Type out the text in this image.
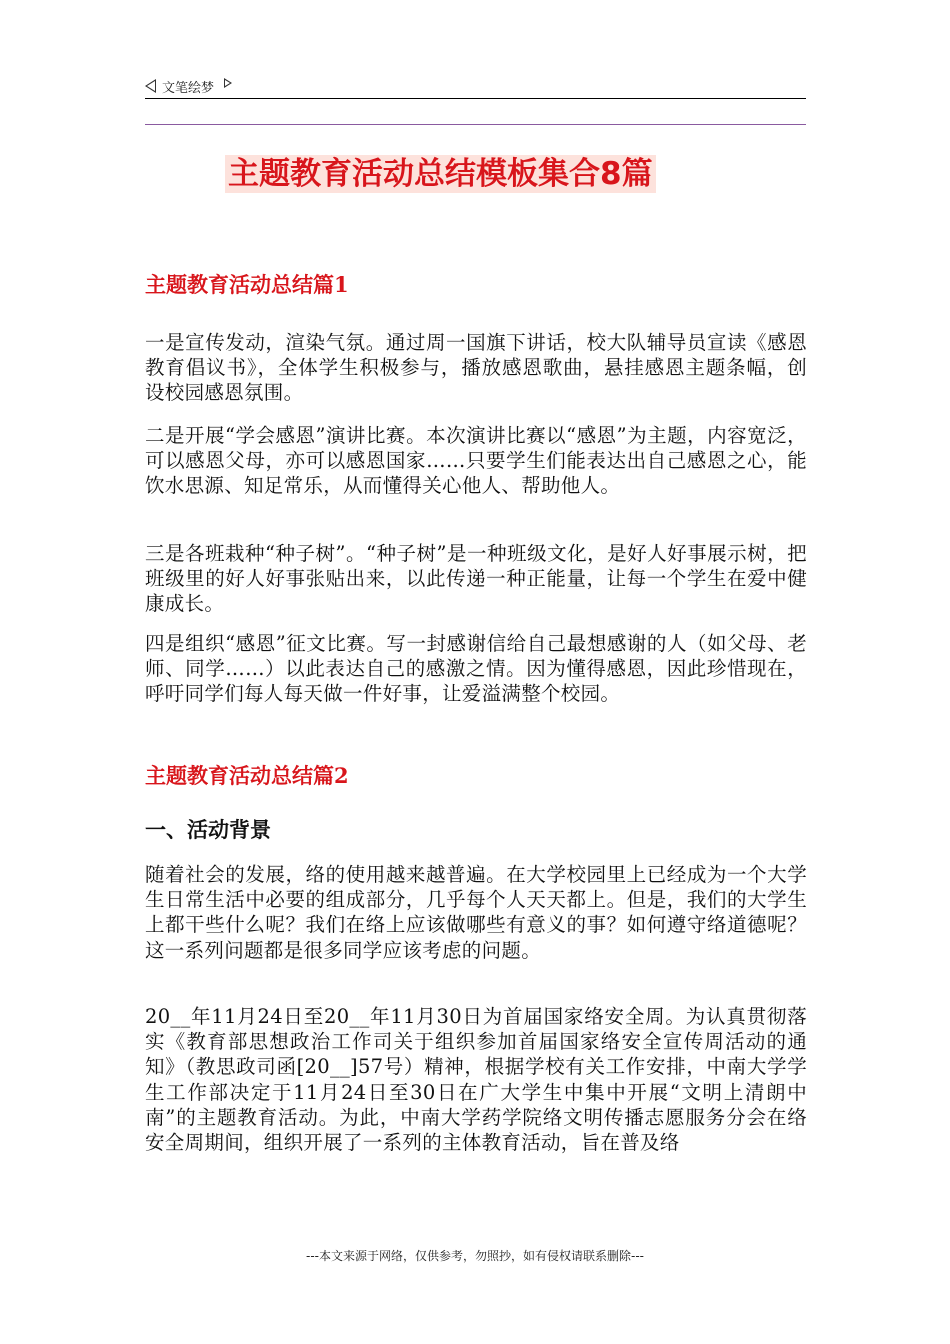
文笔绘梦
主题教育活动总结模板集合8篇
主题教育活动总结篇1

一是宣传发动，渲染气氛。通过周一国旗下讲话，校大队辅导员宣读《感恩教育倡议书》，全体学生积极参与，播放感恩歌曲，悬挂感恩主题条幅，创设校园感恩氛围。

二是开展“学会感恩”演讲比赛。本次演讲比赛以“感恩”为主题，内容宽泛，可以感恩父母，亦可以感恩国家……只要学生们能表达出自己感恩之心，能饮水思源、知足常乐，从而懂得关心他人、帮助他人。

三是各班栽种“种子树”。“种子树”是一种班级文化，是好人好事展示树，把班级里的好人好事张贴出来，以此传递一种正能量，让每一个学生在爱中健康成长。

四是组织“感恩”征文比赛。写一封感谢信给自己最想感谢的人（如父母、老师、同学……）以此表达自己的感激之情。因为懂得感恩，因此珍惜现在，呼吁同学们每人每天做一件好事，让爱溢满整个校园。

主题教育活动总结篇2
一、活动背景

随着社会的发展，络的使用越来越普遍。在大学校园里上已经成为一个大学生日常生活中必要的组成部分，几乎每个人天天都上。但是，我们的大学生上都干些什么呢？我们在络上应该做哪些有意义的事？如何遵守络道德呢？这一系列问题都是很多同学应该考虑的问题。

20__年11月24日至20__年11月30日为首届国家络安全周。为认真贯彻落实《教育部思想政治工作司关于组织参加首届国家络安全宣传周活动的通知》（教思政司函[20__]57号）精神，根据学校有关工作安排，中南大学学生工作部决定于11月24日至30日在广大学生中集中开展“文明上清朗中南”的主题教育活动。为此，中南大学药学院络文明传播志愿服务分会在络安全周期间，组织开展了一系列的主体教育活动，旨在普及络

---本文来源于网络，仅供参考，勿照抄，如有侵权请联系删除---
